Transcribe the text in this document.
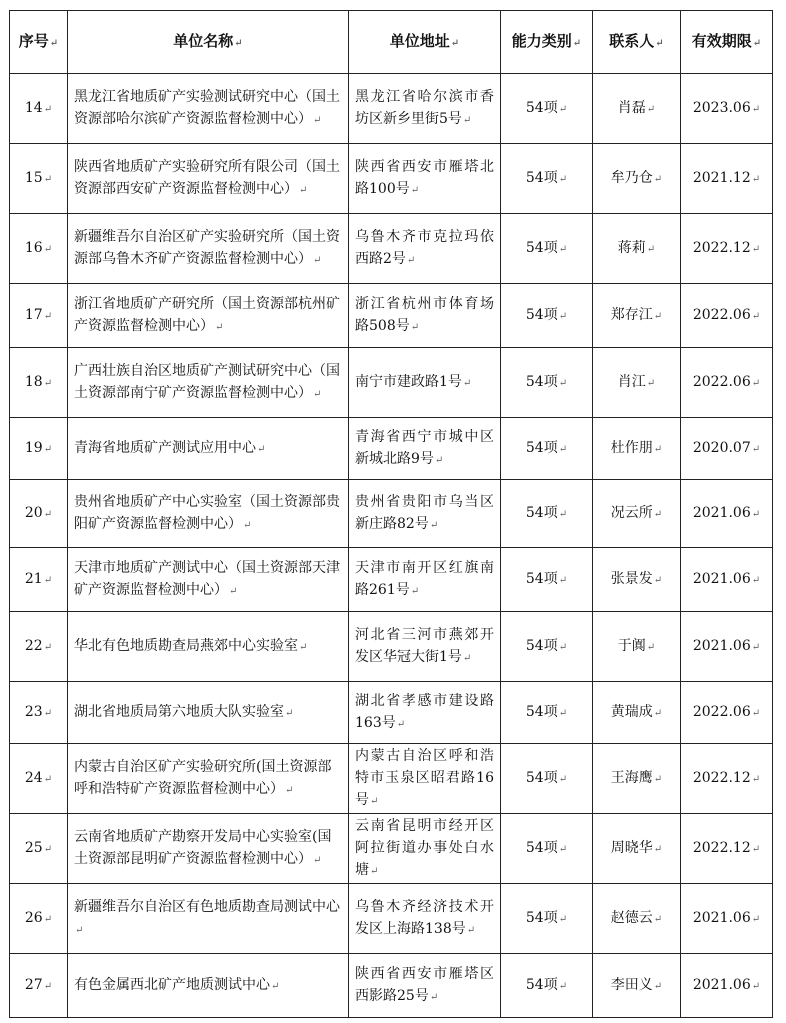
序号↵	单位名称↵	单位地址↵	能力类别↵	联系人↵	有效期限↵
14↵	黑龙江省地质矿产实验测试研究中心（国土资源部哈尔滨矿产资源监督检测中心）↵	黑龙江省哈尔滨市香坊区新乡里街5号↵	54项↵	肖磊↵	2023.06↵
15↵	陕西省地质矿产实验研究所有限公司（国土资源部西安矿产资源监督检测中心）↵	陕西省西安市雁塔北路100号↵	54项↵	牟乃仓↵	2021.12↵
16↵	新疆维吾尔自治区矿产实验研究所（国土资源部乌鲁木齐矿产资源监督检测中心）↵	乌鲁木齐市克拉玛依西路2号↵	54项↵	蒋莉↵	2022.12↵
17↵	浙江省地质矿产研究所（国土资源部杭州矿产资源监督检测中心）↵	浙江省杭州市体育场路508号↵	54项↵	郑存江↵	2022.06↵
18↵	广西壮族自治区地质矿产测试研究中心（国土资源部南宁矿产资源监督检测中心）↵	南宁市建政路1号↵	54项↵	肖江↵	2022.06↵
19↵	青海省地质矿产测试应用中心↵	青海省西宁市城中区新城北路9号↵	54项↵	杜作朋↵	2020.07↵
20↵	贵州省地质矿产中心实验室（国土资源部贵阳矿产资源监督检测中心）↵	贵州省贵阳市乌当区新庄路82号↵	54项↵	况云所↵	2021.06↵
21↵	天津市地质矿产测试中心（国土资源部天津矿产资源监督检测中心）↵	天津市南开区红旗南路261号↵	54项↵	张景发↵	2021.06↵
22↵	华北有色地质勘查局燕郊中心实验室↵	河北省三河市燕郊开发区华冠大街1号↵	54项↵	于阗↵	2021.06↵
23↵	湖北省地质局第六地质大队实验室↵	湖北省孝感市建设路163号↵	54项↵	黄瑞成↵	2022.06↵
24↵	内蒙古自治区矿产实验研究所(国土资源部呼和浩特矿产资源监督检测中心）↵	内蒙古自治区呼和浩特市玉泉区昭君路16号↵	54项↵	王海鹰↵	2022.12↵
25↵	云南省地质矿产勘察开发局中心实验室(国土资源部昆明矿产资源监督检测中心）↵	云南省昆明市经开区阿拉街道办事处白水塘↵	54项↵	周晓华↵	2022.12↵
26↵	新疆维吾尔自治区有色地质勘查局测试中心↵	乌鲁木齐经济技术开发区上海路138号↵	54项↵	赵德云↵	2021.06↵
27↵	有色金属西北矿产地质测试中心↵	陕西省西安市雁塔区西影路25号↵	54项↵	李田义↵	2021.06↵
